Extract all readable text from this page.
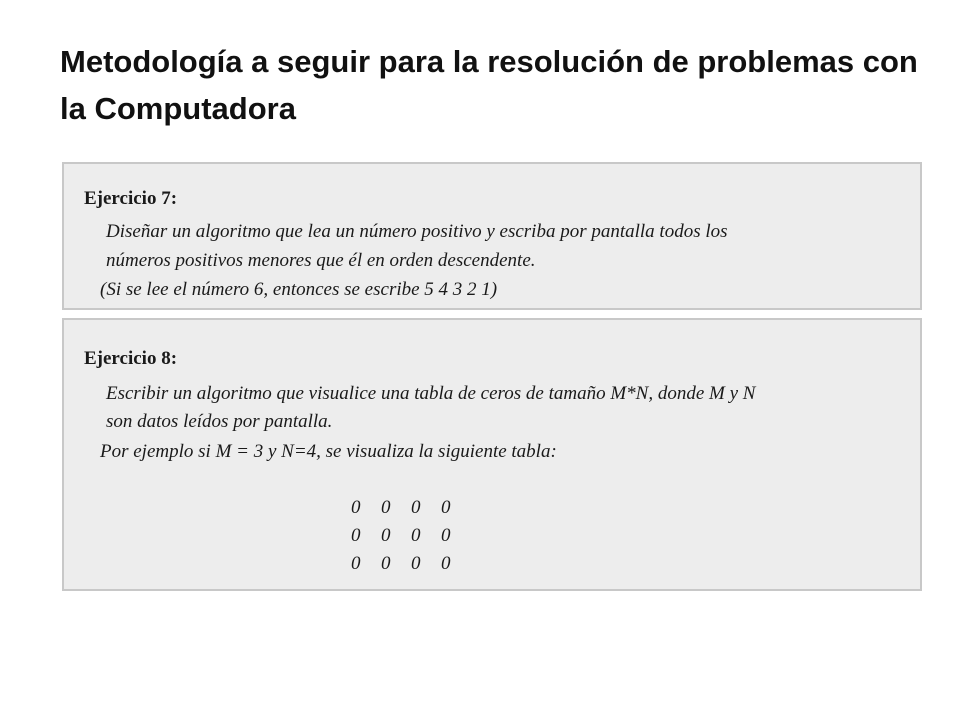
Metodología a seguir para la resolución de problemas con la Computadora
Ejercicio 7:
Diseñar un algoritmo que lea un número positivo y escriba por pantalla todos los
números positivos menores que él en orden descendente.
(Si se lee el número 6, entonces se escribe 5 4 3 2 1)
Ejercicio 8:
Escribir un algoritmo que visualice una tabla de ceros de tamaño M*N, donde M y N
son datos leídos por pantalla.
Por ejemplo si M = 3 y N=4, se visualiza la siguiente tabla:
0	0	0	0
0	0	0	0
0	0	0	0
